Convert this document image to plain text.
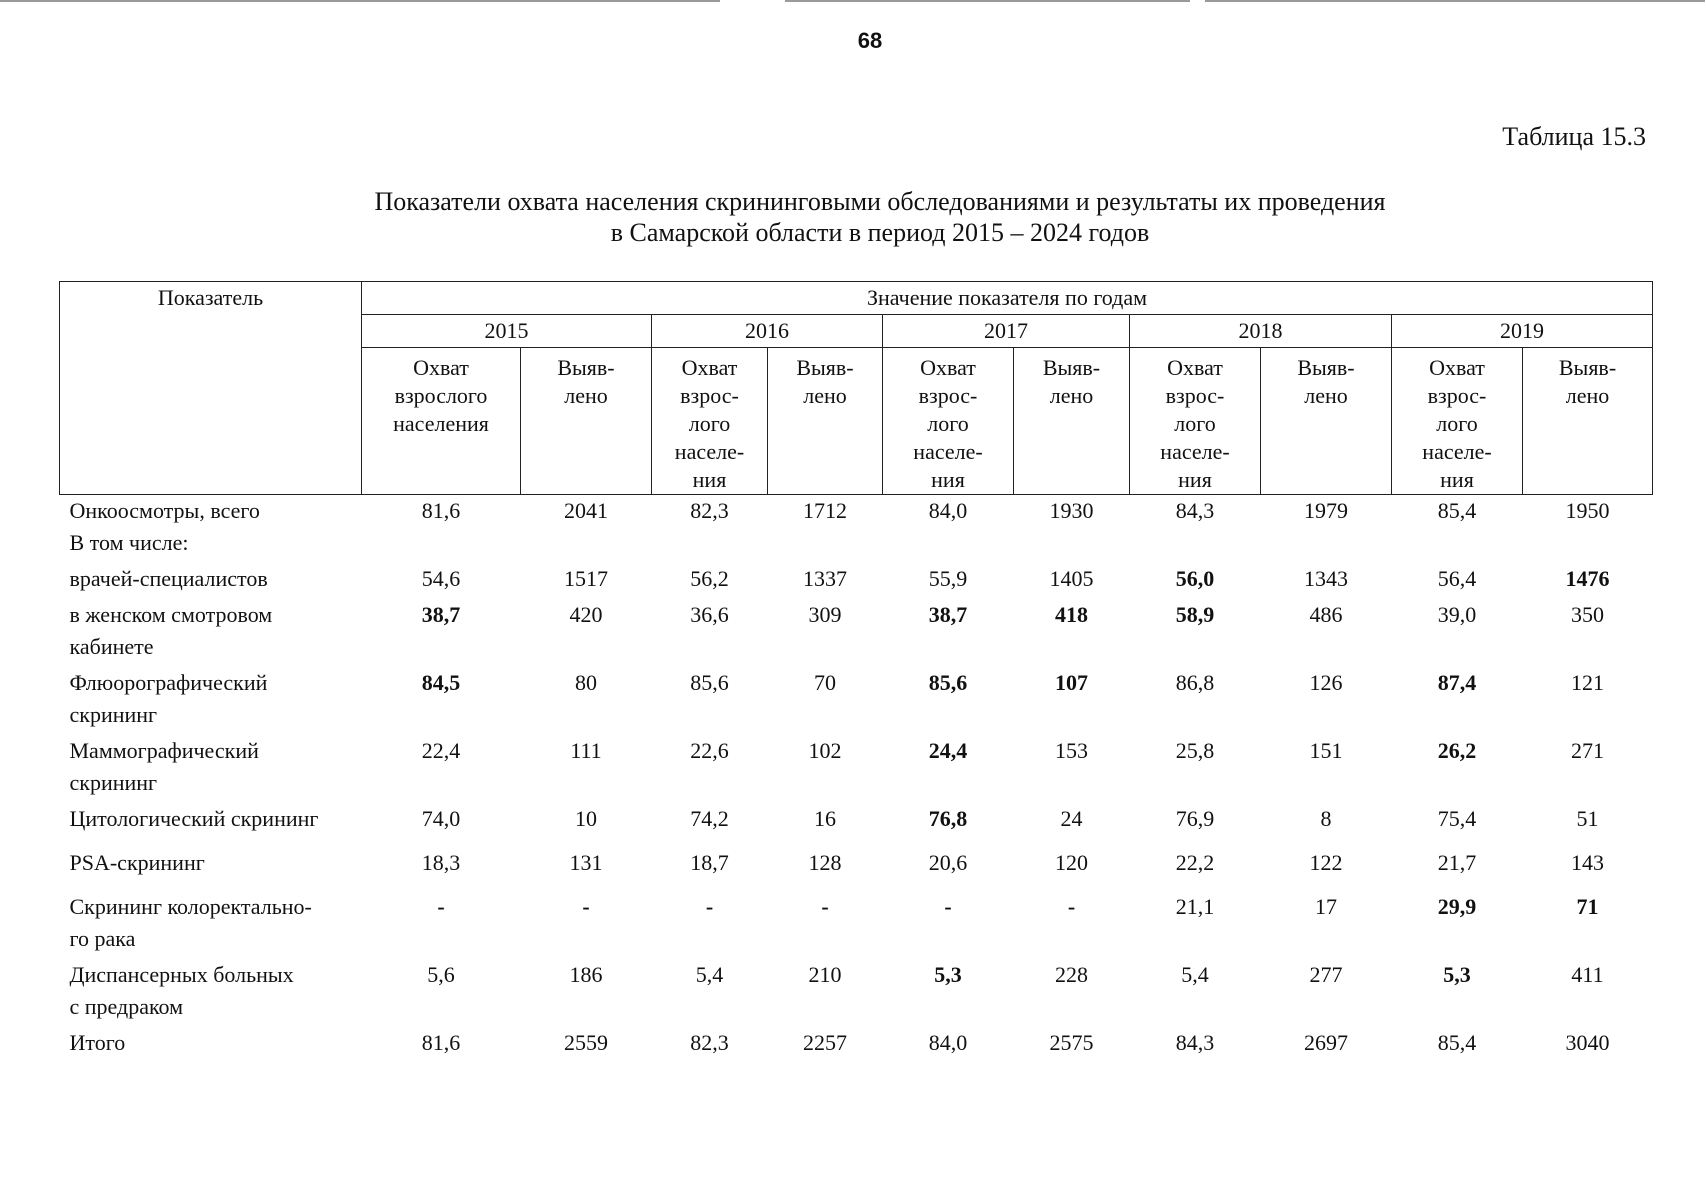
68
Таблица 15.3
Показатели охвата населения скрининговыми обследованиями и результаты их проведения
в Самарской области в период 2015 – 2024 годов
Показатель	Значение показателя по годам									
	2015		2016		2017		2018		2019	
	Охват
взрослого
населения	Выяв-
лено	Охват
взрос-
лого
населе-
ния	Выяв-
лено	Охват
взрос-
лого
населе-
ния	Выяв-
лено	Охват
взрос-
лого
населе-
ния	Выяв-
лено	Охват
взрос-
лого
населе-
ния	Выяв-
лено
Онкоосмотры, всего	81,6	2041	82,3	1712	84,0	1930	84,3	1979	85,4	1950
В том числе:										
врачей-специалистов	54,6	1517	56,2	1337	55,9	1405	56,0	1343	56,4	1476
в женском смотровом
кабинете	38,7	420	36,6	309	38,7	418	58,9	486	39,0	350
Флюорографический
скрининг	84,5	80	85,6	70	85,6	107	86,8	126	87,4	121
Маммографический
скрининг	22,4	111	22,6	102	24,4	153	25,8	151	26,2	271
Цитологический скрининг	74,0	10	74,2	16	76,8	24	76,9	8	75,4	51
PSA-скрининг	18,3	131	18,7	128	20,6	120	22,2	122	21,7	143
Скрининг колоректально-
го рака	-	-	-	-	-	-	21,1	17	29,9	71
Диспансерных больных
с предраком	5,6	186	5,4	210	5,3	228	5,4	277	5,3	411
Итого	81,6	2559	82,3	2257	84,0	2575	84,3	2697	85,4	3040
